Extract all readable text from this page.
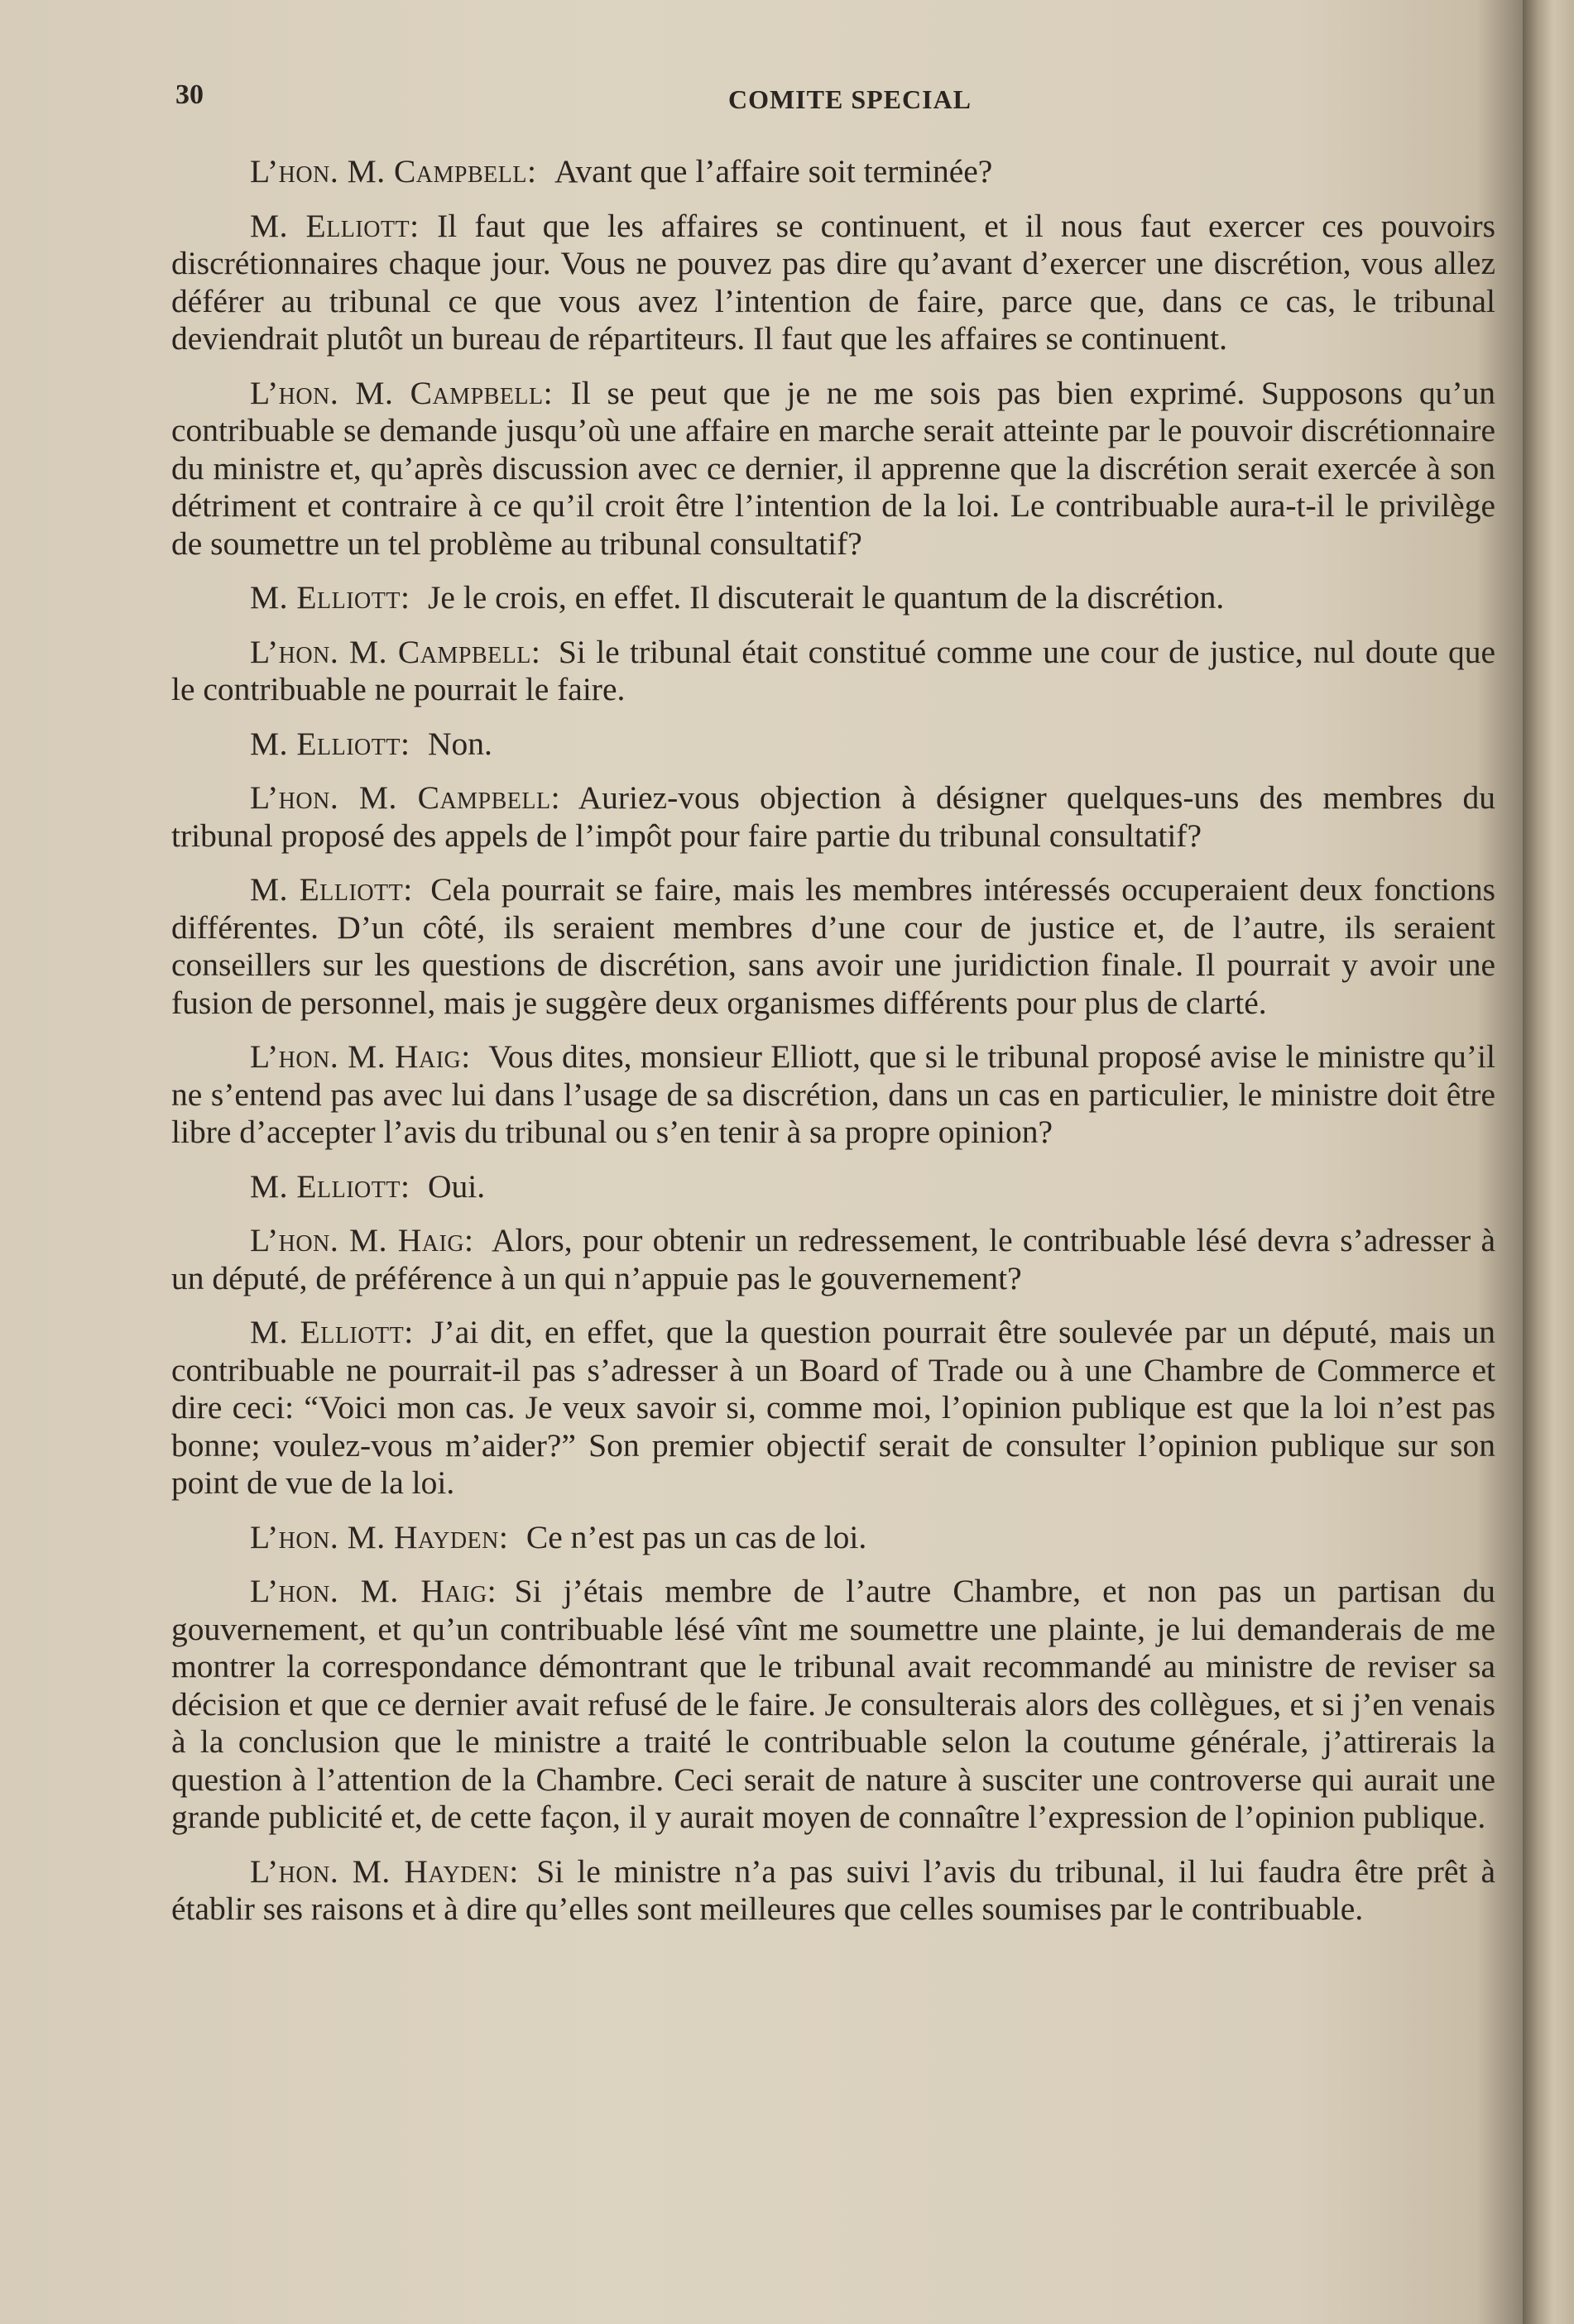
30	COMITE SPECIAL

L’hon. M. Campbell: Avant que l’affaire soit terminée?

M. Elliott: Il faut que les affaires se continuent, et il nous faut exercer ces pouvoirs discrétionnaires chaque jour. Vous ne pouvez pas dire qu’avant d’exercer une discrétion, vous allez déférer au tribunal ce que vous avez l’intention de faire, parce que, dans ce cas, le tribunal deviendrait plutôt un bureau de répartiteurs. Il faut que les affaires se continuent.

L’hon. M. Campbell: Il se peut que je ne me sois pas bien exprimé. Supposons qu’un contribuable se demande jusqu’où une affaire en marche serait atteinte par le pouvoir discrétionnaire du ministre et, qu’après discussion avec ce dernier, il apprenne que la discrétion serait exercée à son détriment et contraire à ce qu’il croit être l’intention de la loi. Le contribuable aura-t-il le privilège de soumettre un tel problème au tribunal consultatif?

M. Elliott: Je le crois, en effet. Il discuterait le quantum de la discrétion.

L’hon. M. Campbell: Si le tribunal était constitué comme une cour de justice, nul doute que le contribuable ne pourrait le faire.

M. Elliott: Non.

L’hon. M. Campbell: Auriez-vous objection à désigner quelques-uns des membres du tribunal proposé des appels de l’impôt pour faire partie du tribunal consultatif?

M. Elliott: Cela pourrait se faire, mais les membres intéressés occuperaient deux fonctions différentes. D’un côté, ils seraient membres d’une cour de justice et, de l’autre, ils seraient conseillers sur les questions de discrétion, sans avoir une juridiction finale. Il pourrait y avoir une fusion de personnel, mais je suggère deux organismes différents pour plus de clarté.

L’hon. M. Haig: Vous dites, monsieur Elliott, que si le tribunal proposé avise le ministre qu’il ne s’entend pas avec lui dans l’usage de sa discrétion, dans un cas en particulier, le ministre doit être libre d’accepter l’avis du tribunal ou s’en tenir à sa propre opinion?

M. Elliott: Oui.

L’hon. M. Haig: Alors, pour obtenir un redressement, le contribuable lésé devra s’adresser à un député, de préférence à un qui n’appuie pas le gouvernement?

M. Elliott: J’ai dit, en effet, que la question pourrait être soulevée par un député, mais un contribuable ne pourrait-il pas s’adresser à un Board of Trade ou à une Chambre de Commerce et dire ceci: “Voici mon cas. Je veux savoir si, comme moi, l’opinion publique est que la loi n’est pas bonne; voulez-vous m’aider?” Son premier objectif serait de consulter l’opinion publique sur son point de vue de la loi.

L’hon. M. Hayden: Ce n’est pas un cas de loi.

L’hon. M. Haig: Si j’étais membre de l’autre Chambre, et non pas un partisan du gouvernement, et qu’un contribuable lésé vînt me soumettre une plainte, je lui demanderais de me montrer la correspondance démontrant que le tribunal avait recommandé au ministre de reviser sa décision et que ce dernier avait refusé de le faire. Je consulterais alors des collègues, et si j’en venais à la conclusion que le ministre a traité le contribuable selon la coutume générale, j’attirerais la question à l’attention de la Chambre. Ceci serait de nature à susciter une controverse qui aurait une grande publicité et, de cette façon, il y aurait moyen de connaître l’expression de l’opinion publique.

L’hon. M. Hayden: Si le ministre n’a pas suivi l’avis du tribunal, il lui faudra être prêt à établir ses raisons et à dire qu’elles sont meilleures que celles soumises par le contribuable.
